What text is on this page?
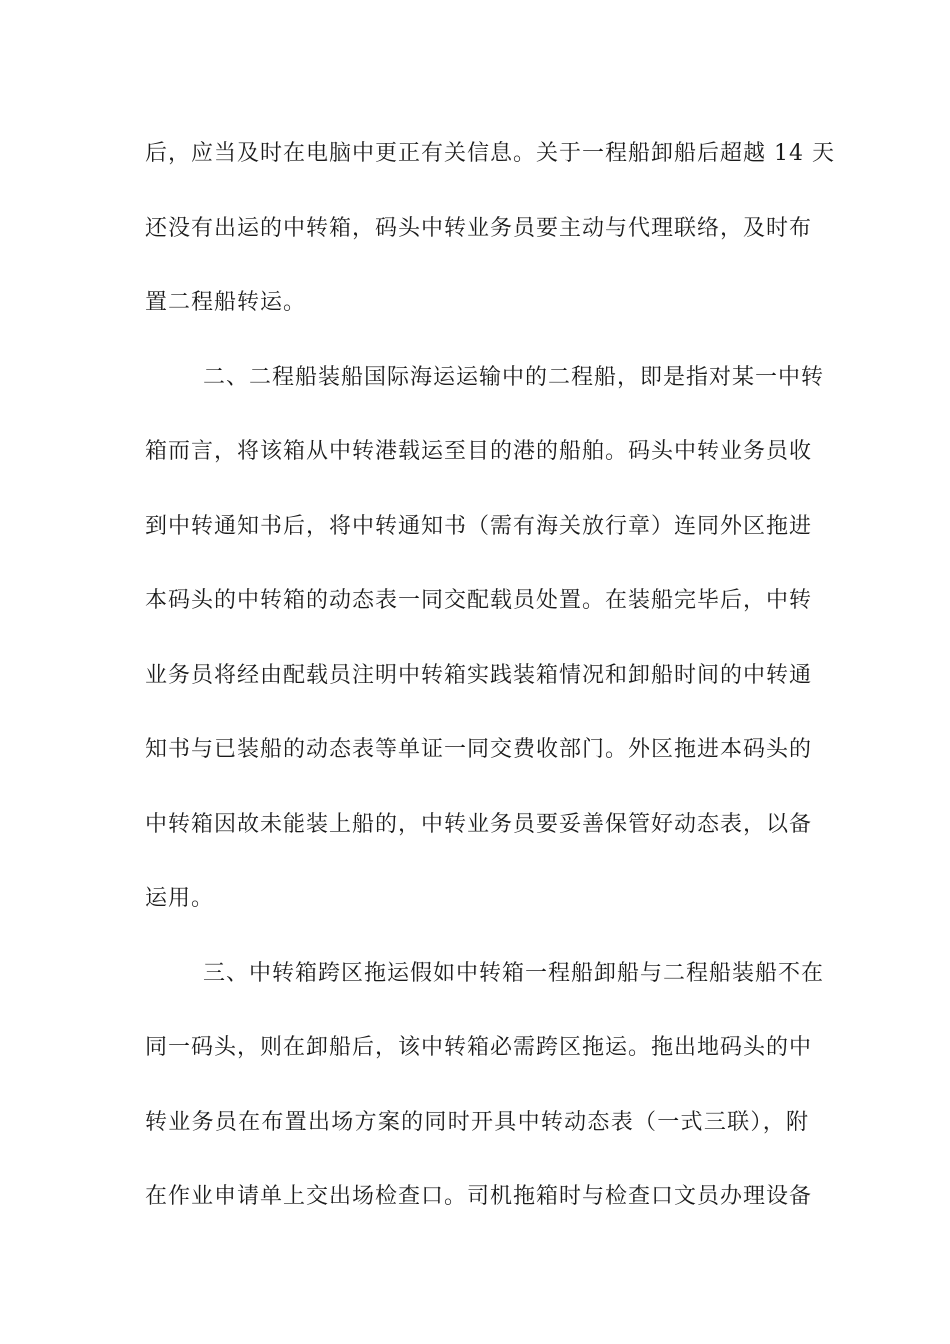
后，应当及时在电脑中更正有关信息。关于一程船卸船后超越 14 天
还没有出运的中转箱，码头中转业务员要主动与代理联络，及时布
置二程船转运。
二、二程船装船国际海运运输中的二程船，即是指对某一中转
箱而言，将该箱从中转港载运至目的港的船舶。码头中转业务员收
到中转通知书后，将中转通知书（需有海关放行章）连同外区拖进
本码头的中转箱的动态表一同交配载员处置。在装船完毕后，中转
业务员将经由配载员注明中转箱实践装箱情况和卸船时间的中转通
知书与已装船的动态表等单证一同交费收部门。外区拖进本码头的
中转箱因故未能装上船的，中转业务员要妥善保管好动态表，以备
运用。
三、中转箱跨区拖运假如中转箱一程船卸船与二程船装船不在
同一码头，则在卸船后，该中转箱必需跨区拖运。拖出地码头的中
转业务员在布置出场方案的同时开具中转动态表（一式三联），附
在作业申请单上交出场检查口。司机拖箱时与检查口文员办理设备
